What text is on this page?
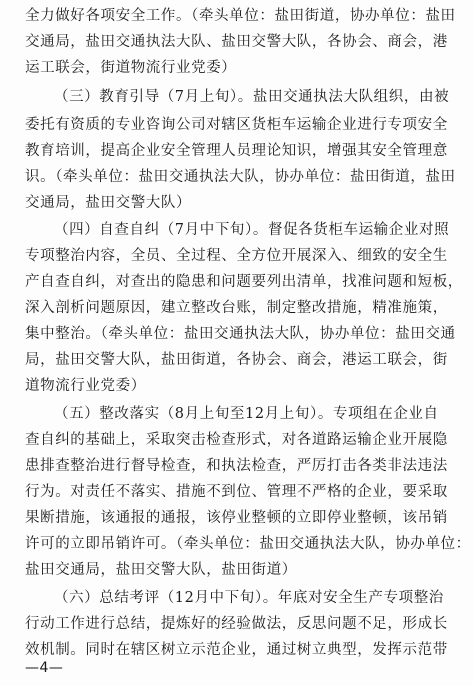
全力做好各项安全工作。（牵头单位：盐田街道，协办单位：盐田
交通局，盐田交通执法大队、盐田交警大队，各协会、商会，港
运工联会，街道物流行业党委）
（三）教育引导（7月上旬）。盐田交通执法大队组织，由被
委托有资质的专业咨询公司对辖区货柜车运输企业进行专项安全
教育培训，提高企业安全管理人员理论知识，增强其安全管理意
识。（牵头单位：盐田交通执法大队，协办单位：盐田街道，盐田
交通局，盐田交警大队）
（四）自查自纠（7月中下旬）。督促各货柜车运输企业对照
专项整治内容，全员、全过程、全方位开展深入、细致的安全生
产自查自纠，对查出的隐患和问题要列出清单，找准问题和短板，
深入剖析问题原因，建立整改台账，制定整改措施，精准施策，
集中整治。（牵头单位：盐田交通执法大队，协办单位：盐田交通
局，盐田交警大队，盐田街道，各协会、商会，港运工联会，街
道物流行业党委）
（五）整改落实（8月上旬至12月上旬）。专项组在企业自
查自纠的基础上，采取突击检查形式，对各道路运输企业开展隐
患排查整治进行督导检查，和执法检查，严厉打击各类非法违法
行为。对责任不落实、措施不到位、管理不严格的企业，要采取
果断措施，该通报的通报，该停业整顿的立即停业整顿，该吊销
许可的立即吊销许可。（牵头单位：盐田交通执法大队，协办单位：
盐田交通局，盐田交警大队，盐田街道）
（六）总结考评（12月中下旬）。年底对安全生产专项整治
行动工作进行总结，提炼好的经验做法，反思问题不足，形成长
效机制。同时在辖区树立示范企业，通过树立典型，发挥示范带
—4—
